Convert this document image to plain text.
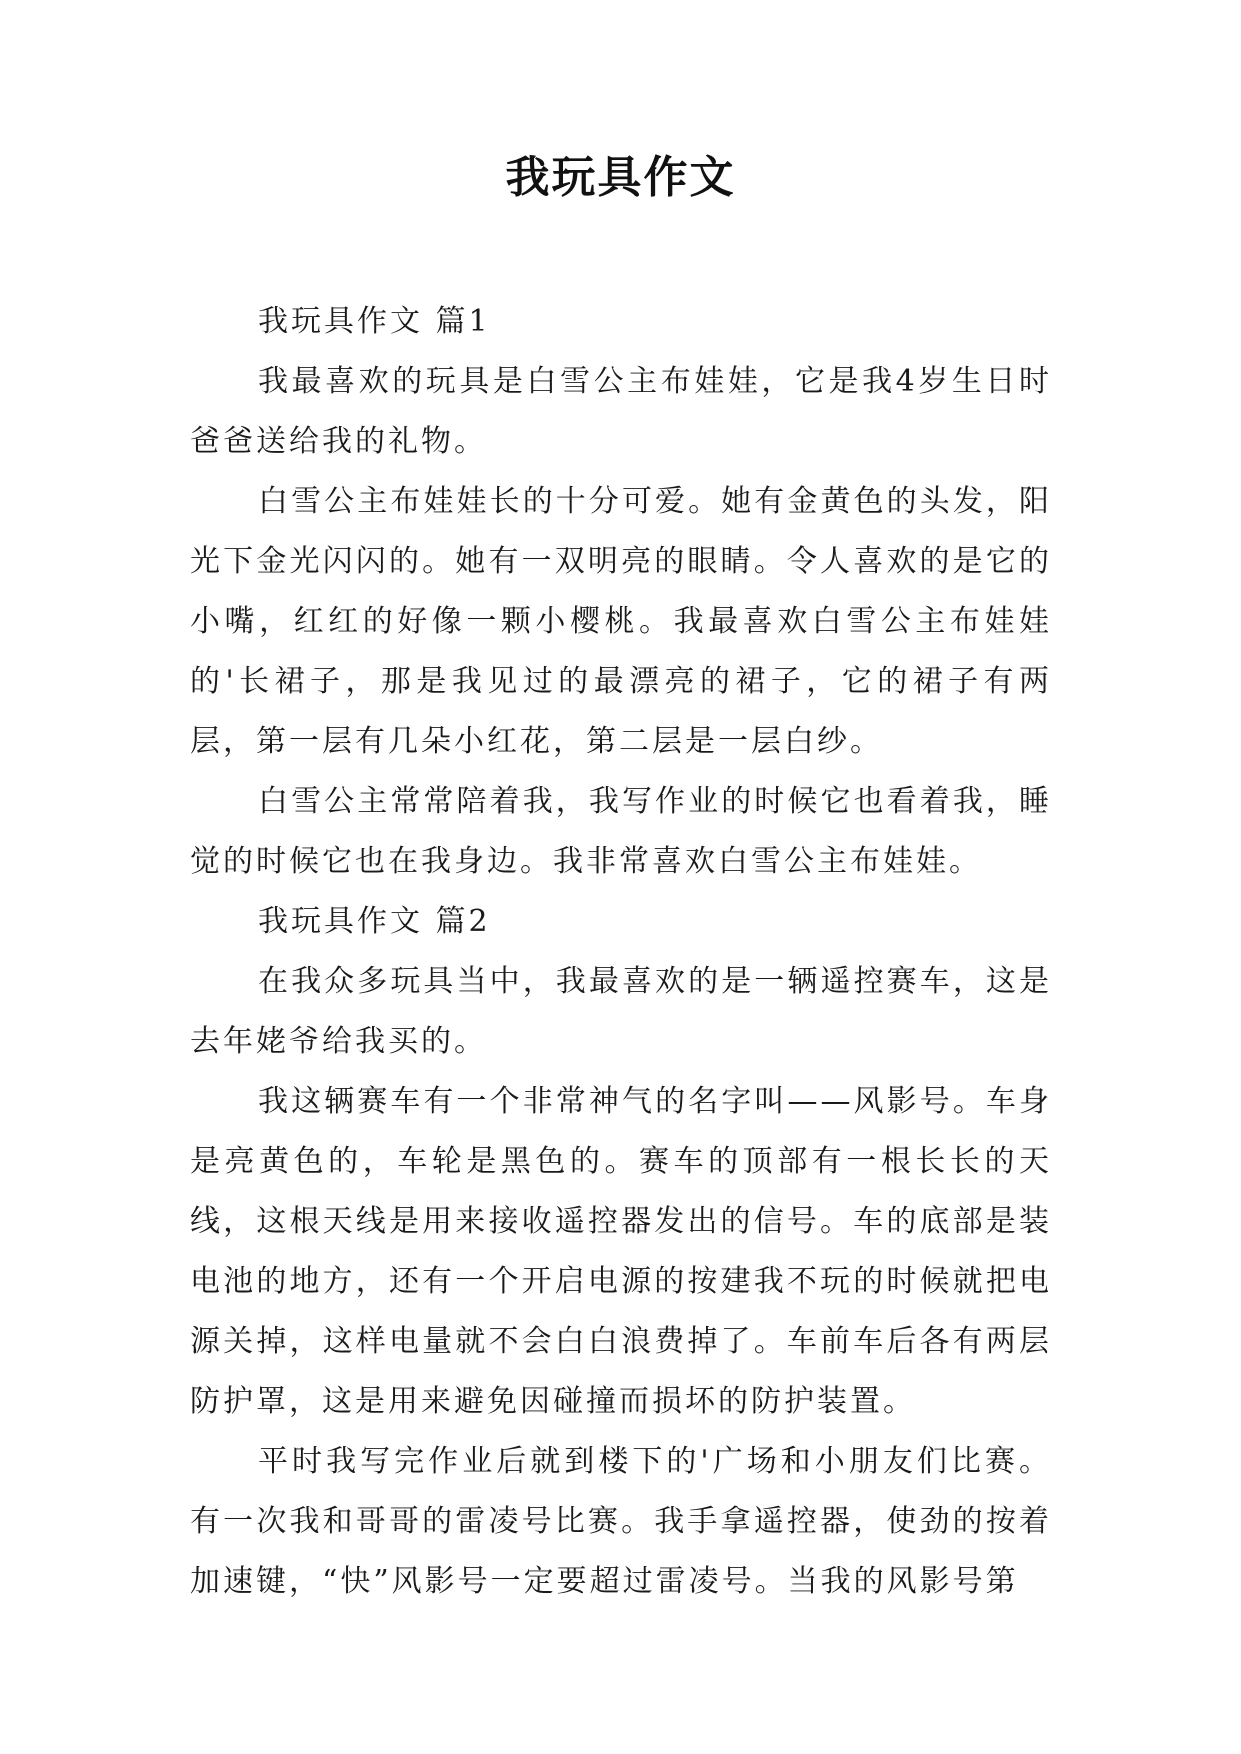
我玩具作文

我玩具作文 篇1

我最喜欢的玩具是白雪公主布娃娃，它是我4岁生日时爸爸送给我的礼物。

白雪公主布娃娃长的十分可爱。她有金黄色的头发，阳光下金光闪闪的。她有一双明亮的眼睛。令人喜欢的是它的小嘴，红红的好像一颗小樱桃。我最喜欢白雪公主布娃娃的'长裙子，那是我见过的最漂亮的裙子，它的裙子有两层，第一层有几朵小红花，第二层是一层白纱。

白雪公主常常陪着我，我写作业的时候它也看着我，睡觉的时候它也在我身边。我非常喜欢白雪公主布娃娃。

我玩具作文 篇2

在我众多玩具当中，我最喜欢的是一辆遥控赛车，这是去年姥爷给我买的。

我这辆赛车有一个非常神气的名字叫——风影号。车身是亮黄色的，车轮是黑色的。赛车的顶部有一根长长的天线，这根天线是用来接收遥控器发出的信号。车的底部是装电池的地方，还有一个开启电源的按建我不玩的时候就把电源关掉，这样电量就不会白白浪费掉了。车前车后各有两层防护罩，这是用来避免因碰撞而损坏的防护装置。

平时我写完作业后就到楼下的'广场和小朋友们比赛。有一次我和哥哥的雷凌号比赛。我手拿遥控器，使劲的按着加速键，“快”风影号一定要超过雷凌号。当我的风影号第
